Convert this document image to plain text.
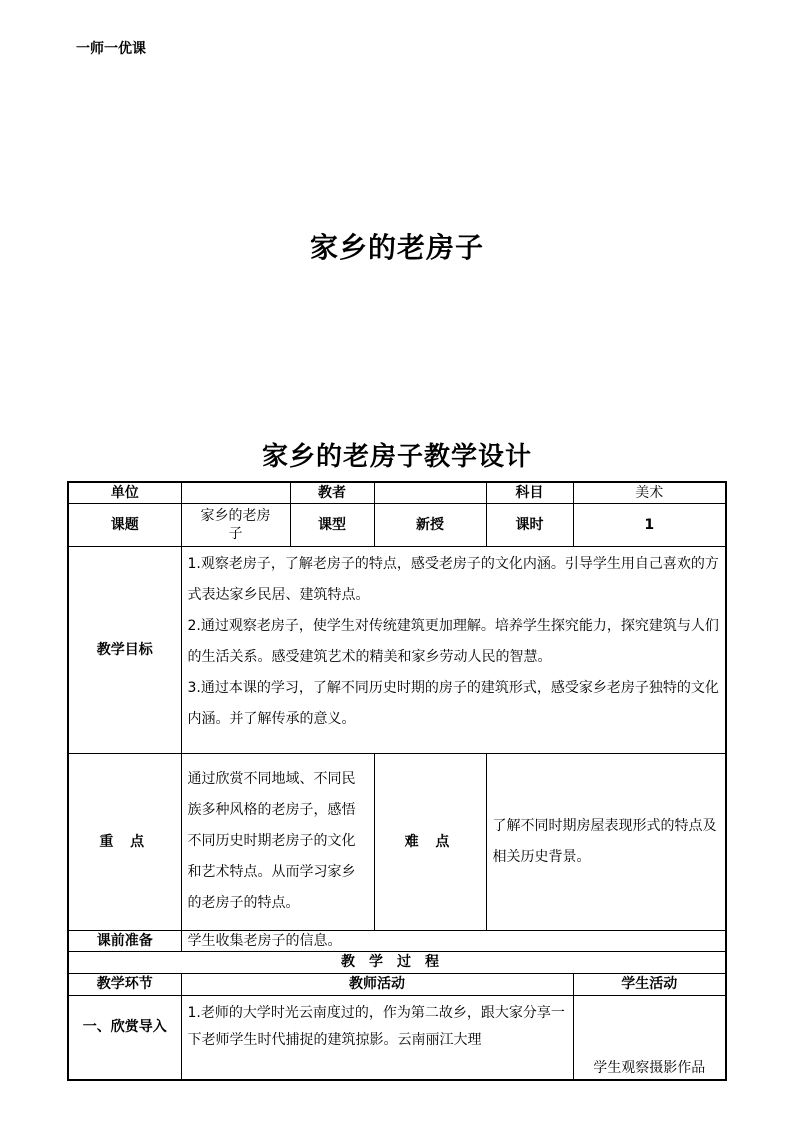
一师一优课
家乡的老房子
家乡的老房子教学设计
单位		教者		科目	美术
课题	家乡的老房子	课型	新授	课时	1
教学目标	1.观察老房子，了解老房子的特点，感受老房子的文化内涵。引导学生用自己喜欢的方式表达家乡民居、建筑特点。

2.通过观察老房子，使学生对传统建筑更加理解。培养学生探究能力，探究建筑与人们的生活关系。感受建筑艺术的精美和家乡劳动人民的智慧。

3.通过本课的学习，了解不同历史时期的房子的建筑形式，感受家乡老房子独特的文化内涵。并了解传承的意义。				

重 点	通过欣赏不同地域、不同民族多种风格的老房子，感悟不同历史时期老房子的文化和艺术特点。从而学习家乡的老房子的特点。		难 点	了解不同时期房屋表现形式的特点及相关历史背景。	
课前准备	学生收集老房子的信息。				
教学过程					
教学环节	教师活动				学生活动
一、欣赏导入	1.老师的大学时光云南度过的，作为第二故乡，跟大家分享一下老师学生时代捕捉的建筑掠影。云南丽江大理				学生观察摄影作品
